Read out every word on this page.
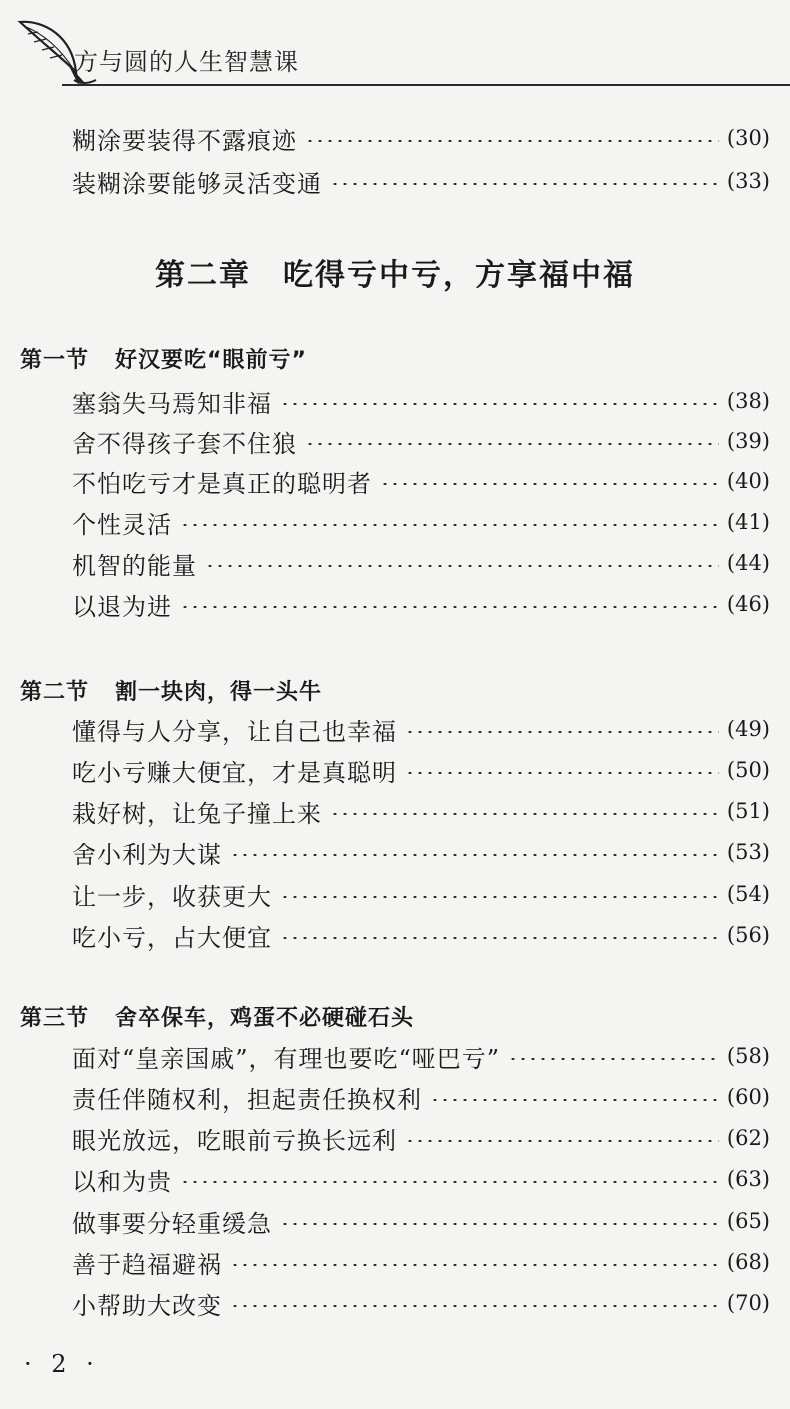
方与圆的人生智慧课
糊涂要装得不露痕迹	(30)
装糊涂要能够灵活变通	(33)
第二章  吃得亏中亏，方享福中福
第一节 好汉要吃“眼前亏”
塞翁失马焉知非福	(38)
舍不得孩子套不住狼	(39)
不怕吃亏才是真正的聪明者	(40)
个性灵活	(41)
机智的能量	(44)
以退为进	(46)
第二节 割一块肉，得一头牛
懂得与人分享，让自己也幸福	(49)
吃小亏赚大便宜，才是真聪明	(50)
栽好树，让兔子撞上来	(51)
舍小利为大谋	(53)
让一步，收获更大	(54)
吃小亏，占大便宜	(56)
第三节 舍卒保车，鸡蛋不必硬碰石头
面对“皇亲国戚”，有理也要吃“哑巴亏”	(58)
责任伴随权利，担起责任换权利	(60)
眼光放远，吃眼前亏换长远利	(62)
以和为贵	(63)
做事要分轻重缓急	(65)
善于趋福避祸	(68)
小帮助大改变	(70)
· 2 ·
